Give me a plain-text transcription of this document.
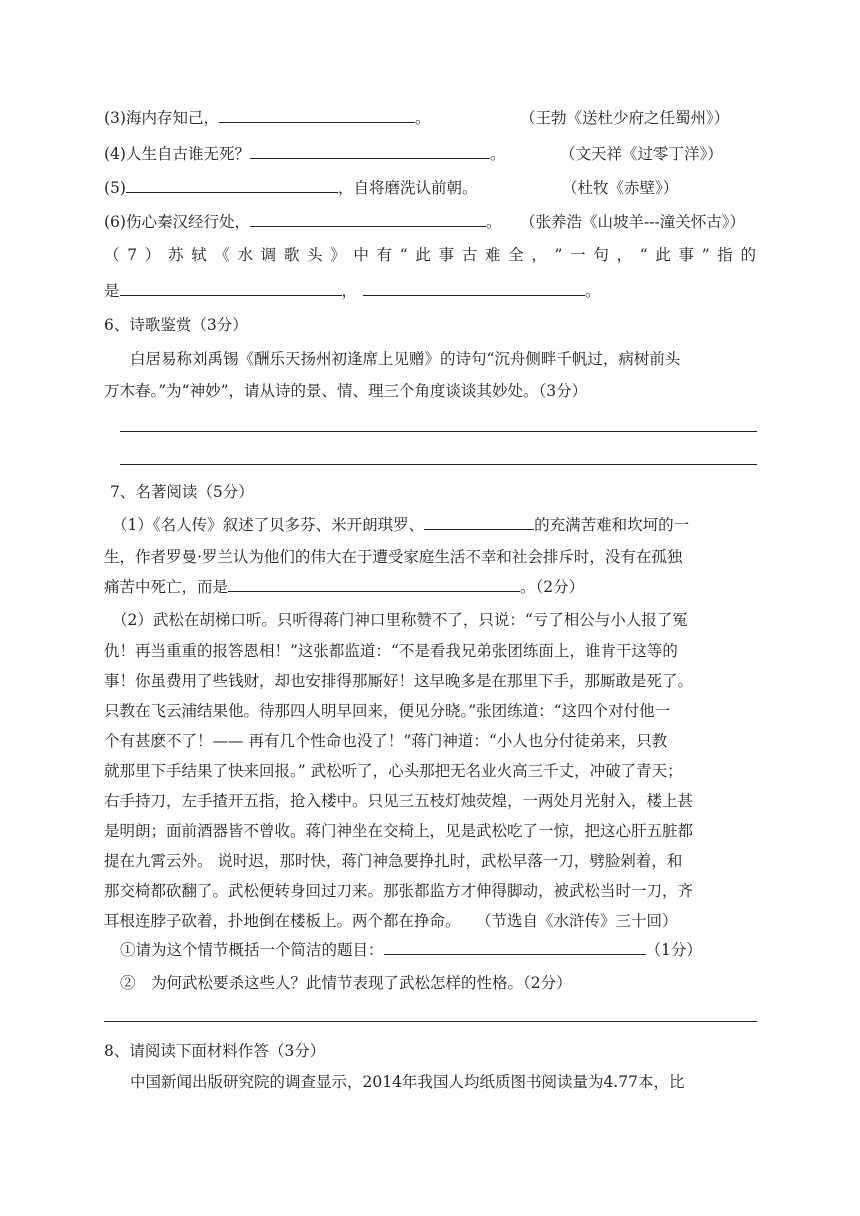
(3)海内存知己，	。	（王勃《送杜少府之任蜀州》）
(4)人生自古谁无死？	。	（文天祥《过零丁洋》）
(5)	，自将磨洗认前朝。	（杜牧《赤壁》）
(6)伤心秦汉经行处，	。 （张养浩《山坡羊---潼关怀古》）
（ 7 ） 苏 轼 《 水 调 歌 头 》 中 有 “ 此 事 古 难 全 ， ” 一 句 ， “ 此 事 ” 指 的
是	，	。
6、诗歌鉴赏（3分）
白居易称刘禹锡《酬乐天扬州初逢席上见赠》的诗句“沉舟侧畔千帆过，病树前头
万木春。”为“神妙”，请从诗的景、情、理三个角度谈谈其妙处。（3分）
7、名著阅读（5分）
（1）《名人传》叙述了贝多芬、米开朗琪罗、	的充满苦难和坎坷的一
生，作者罗曼·罗兰认为他们的伟大在于遭受家庭生活不幸和社会排斥时，没有在孤独
痛苦中死亡，而是	。（2分）
（2）武松在胡梯口听。只听得蒋门神口里称赞不了，只说：“亏了相公与小人报了冤
仇！再当重重的报答恩相！”这张都监道：“不是看我兄弟张团练面上，谁肯干这等的
事！你虽费用了些钱财，却也安排得那厮好！这早晚多是在那里下手，那厮敢是死了。
只教在飞云浦结果他。待那四人明早回来，便见分晓。”张团练道：“这四个对付他一
个有甚麽不了！—— 再有几个性命也没了！”蒋门神道：“小人也分付徒弟来，只教
就那里下手结果了快来回报。” 武松听了，心头那把无名业火高三千丈，冲破了青天；
右手持刀，左手揸开五指，抢入楼中。只见三五枝灯烛荧煌，一两处月光射入，楼上甚
是明朗；面前酒器皆不曾收。蒋门神坐在交椅上，见是武松吃了一惊，把这心肝五脏都
提在九霄云外。 说时迟，那时快，蒋门神急要挣扎时，武松早落一刀，劈脸剁着，和
那交椅都砍翻了。武松便转身回过刀来。那张都监方才伸得脚动，被武松当时一刀，齐
耳根连脖子砍着，扑地倒在楼板上。两个都在挣命。　　（节选自《水浒传》三十回）
①请为这个情节概括一个简洁的题目：	（1分）
②　为何武松要杀这些人？此情节表现了武松怎样的性格。（2分）
8、请阅读下面材料作答（3分）
中国新闻出版研究院的调查显示，2014年我国人均纸质图书阅读量为4.77本，比
